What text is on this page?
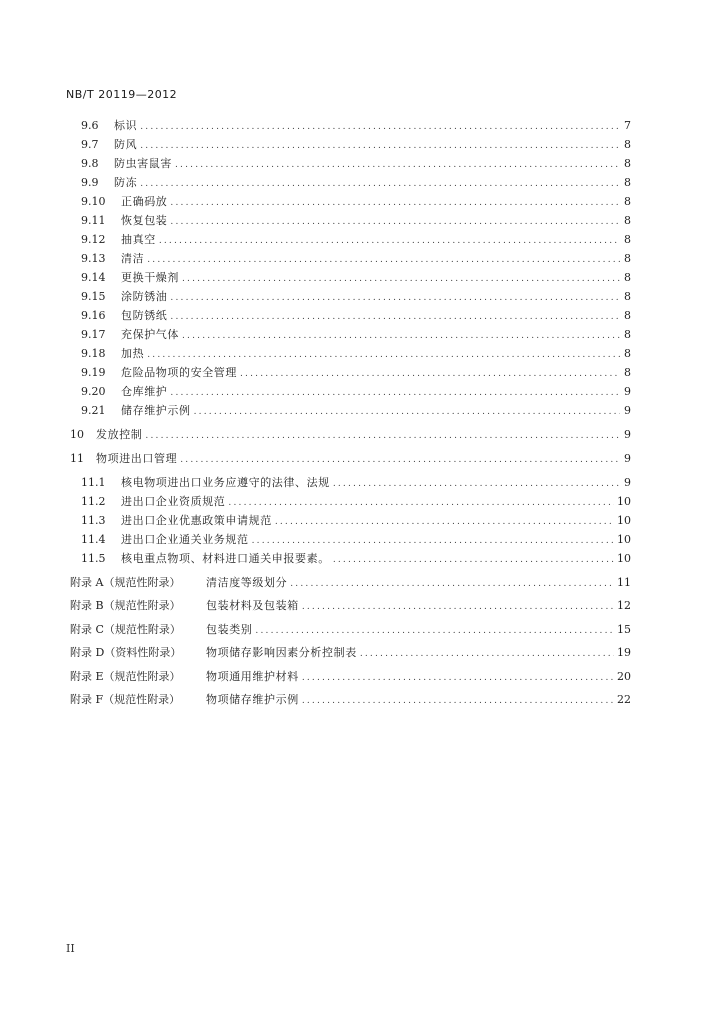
NB/T 20119—2012
9.6	标识 .....	7
9.7	防风 .....	8
9.8	防虫害鼠害 .....	8
9.9	防冻 .....	8
9.10	正确码放 .....	8
9.11	恢复包装 .....	8
9.12	抽真空 .....	8
9.13	清洁 .....	8
9.14	更换干燥剂 .....	8
9.15	涂防锈油 .....	8
9.16	包防锈纸 .....	8
9.17	充保护气体 .....	8
9.18	加热 .....	8
9.19	危险品物项的安全管理 .....	8
9.20	仓库维护 .....	9
9.21	储存维护示例 .....	9
10	发放控制 .....	9
11	物项进出口管理 .....	9
11.1	核电物项进出口业务应遵守的法律、法规 .....	9
11.2	进出口企业资质规范 .....	10
11.3	进出口企业优惠政策申请规范 .....	10
11.4	进出口企业通关业务规范 .....	10
11.5	核电重点物项、材料进口通关申报要素。 .....	10
附录 A（规范性附录）	清洁度等级划分 .....	11
附录 B（规范性附录）	包装材料及包装箱 .....	12
附录 C（规范性附录）	包装类别 .....	15
附录 D（资料性附录）	物项储存影响因素分析控制表 .....	19
附录 E（规范性附录）	物项通用维护材料 .....	20
附录 F（规范性附录）	物项储存维护示例 .....	22
II
